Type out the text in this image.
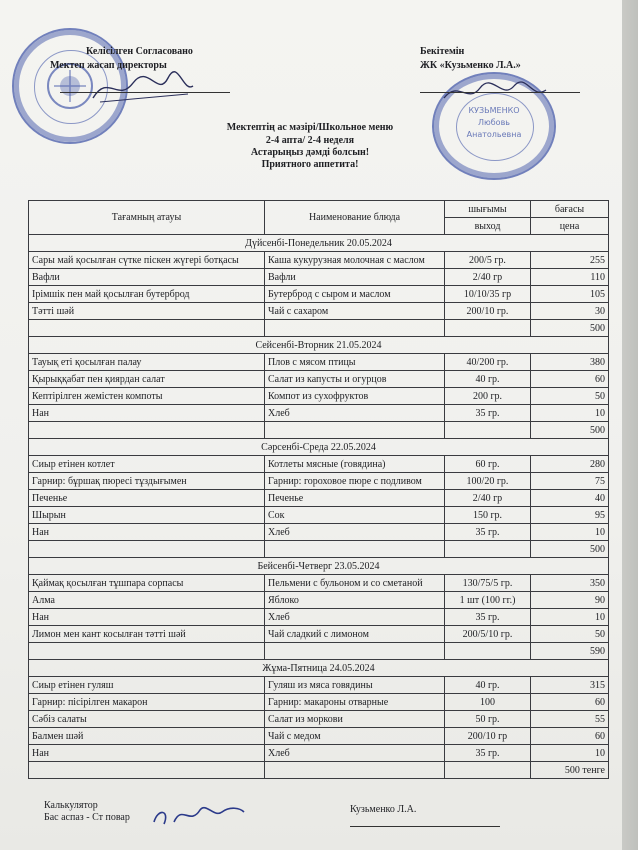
Келісілген Согласовано
Мектеп жасап директоры
Бекітемін
ЖК «Кузьменко Л.А.»
КУЗЬМЕНКО
Любовь
Анатольевна
Мектептің ас мәзірі/Школьное меню
2-4 апта/ 2-4 неделя
Астарыңыз дәмді болсын!
Приятного аппетита!
Тағамның атауы	Наименование блюда	шығымы	бағасы
		выход	цена
Дүйсенбі-Понедельник 20.05.2024			
Сары май қосылған сүтке піскен жүгері ботқасы	Каша кукурузная молочная с маслом	200/5 гр.	255
Вафли	Вафли	2/40 гр	110
Ірімшік пен май қосылған бутерброд	Бутерброд с сыром и маслом	10/10/35 гр	105
Тәтті шәй	Чай с сахаром	200/10 гр.	30
			500
Сейсенбі-Вторник 21.05.2024			
Тауық еті қосылған палау	Плов с мясом птицы	40/200 гр.	380
Қырыққабат пен қиярдан салат	Салат из капусты и огурцов	40 гр.	60
Кептірілген жемістен компоты	Компот из сухофруктов	200 гр.	50
Нан	Хлеб	35 гр.	10
			500
Сәрсенбі-Среда 22.05.2024			
Сиыр етінен котлет	Котлеты мясные (говядина)	60 гр.	280
Гарнир: бұршақ пюресі тұздығымен	Гарнир: гороховое пюре с подливом	100/20 гр.	75
Печенье	Печенье	2/40 гр	40
Шырын	Сок	150 гр.	95
Нан	Хлеб	35 гр.	10
			500
Бейсенбі-Четверг 23.05.2024			
Қаймақ қосылған тұшпара сорпасы	Пельмени с бульоном и со сметаной	130/75/5 гр.	350
Алма	Яблоко	1 шт (100 гг.)	90
Нан	Хлеб	35 гр.	10
Лимон мен кант косылған тәтті шәй	Чай сладкий с лимоном	200/5/10 гр.	50
			590
Жұма-Пятница 24.05.2024			
Сиыр етінен гуляш	Гуляш из мяса говядины	40 гр.	315
Гарнир: пісірілген макарон	Гарнир: макароны отварные	100	60
Сәбіз салаты	Салат из моркови	50 гр.	55
Балмен шәй	Чай с медом	200/10 гр	60
Нан	Хлеб	35 гр.	10
			500 тенге
Калькулятор
Бас аспаз - Ст повар
Кузьменко Л.А.
